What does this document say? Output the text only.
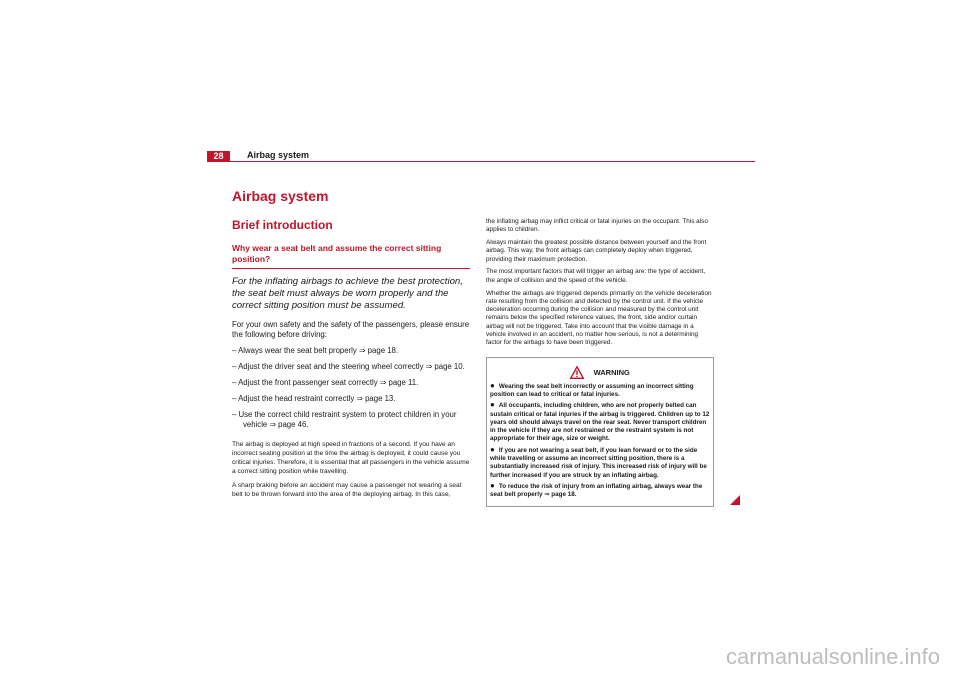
28	Airbag system
Airbag system
Brief introduction
Why wear a seat belt and assume the correct sitting position?
For the inflating airbags to achieve the best protection, the seat belt must always be worn properly and the correct sitting position must be assumed.

For your own safety and the safety of the passengers, please ensure the following before driving:

– Always wear the seat belt properly ⇒ page 18.
– Adjust the driver seat and the steering wheel correctly ⇒ page 10.
– Adjust the front passenger seat correctly ⇒ page 11.
– Adjust the head restraint correctly ⇒ page 13.
– Use the correct child restraint system to protect children in your vehicle ⇒ page 46.

The airbag is deployed at high speed in fractions of a second. If you have an incorrect seating position at the time the airbag is deployed, it could cause you critical injuries. Therefore, it is essential that all passengers in the vehicle assume a correct sitting position while travelling.

A sharp braking before an accident may cause a passenger not wearing a seat belt to be thrown forward into the area of the deploying airbag. In this case,

the inflating airbag may inflict critical or fatal injuries on the occupant. This also applies to children.

Always maintain the greatest possible distance between yourself and the front airbag. This way, the front airbags can completely deploy when triggered, providing their maximum protection.

The most important factors that will trigger an airbag are: the type of accident, the angle of collision and the speed of the vehicle.

Whether the airbags are triggered depends primarily on the vehicle deceleration rate resulting from the collision and detected by the control unit. If the vehicle deceleration occurring during the collision and measured by the control unit remains below the specified reference values, the front, side and/or curtain airbag will not be triggered. Take into account that the visible damage in a vehicle involved in an accident, no matter how serious, is not a determining factor for the airbags to have been triggered.

WARNING
● Wearing the seat belt incorrectly or assuming an incorrect sitting position can lead to critical or fatal injuries.
● All occupants, including children, who are not properly belted can sustain critical or fatal injuries if the airbag is triggered. Children up to 12 years old should always travel on the rear seat. Never transport children in the vehicle if they are not restrained or the restraint system is not appropriate for their age, size or weight.
● If you are not wearing a seat belt, if you lean forward or to the side while travelling or assume an incorrect sitting position, there is a substantially increased risk of injury. This increased risk of injury will be further increased if you are struck by an inflating airbag.
● To reduce the risk of injury from an inflating airbag, always wear the seat belt properly ⇒ page 18.
carmanualsonline.info
